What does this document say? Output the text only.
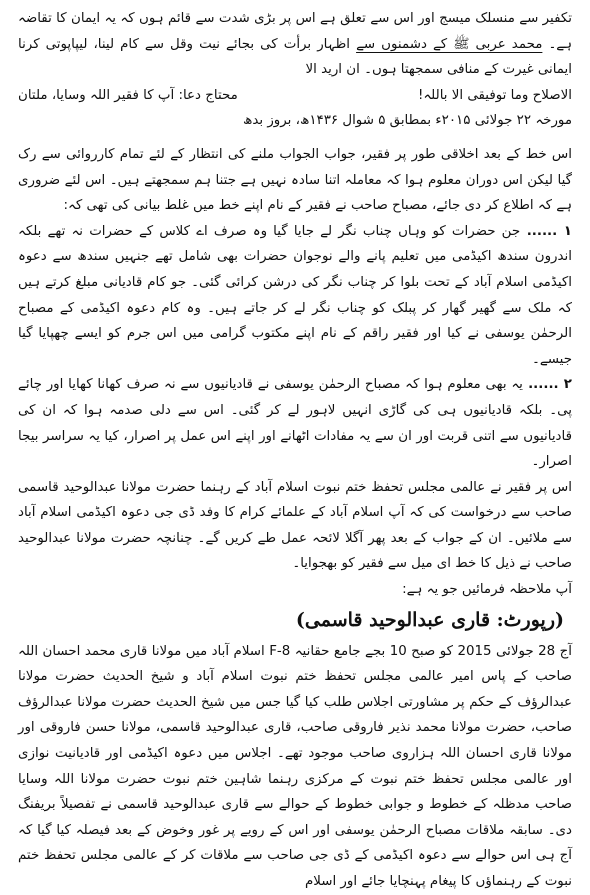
تکفیر سے منسلک میسج اور اس سے تعلق ہے اس پر بڑی شدت سے قائم ہوں کہ یہ ایمان کا تقاضہ ہے۔ محمد عربی ﷺ کے دشمنوں سے اظہار برأت کی بجائے نیت وقل سے کام لینا، لیپاپوتی کرنا ایمانی غیرت کے منافی سمجھتا ہوں۔ ان ارید الا

الاصلاح وما توفیقی الا باللہ!
محتاج دعا: آپ کا فقیر اللہ وسایا، ملتان

مورخہ ۲۲ جولائی ۲۰۱۵ء بمطابق ۵ شوال ۱۴۳۶ھ، بروز بدھ

اس خط کے بعد اخلاقی طور پر فقیر، جواب الجواب ملنے کی انتظار کے لئے تمام کارروائی سے رک گیا لیکن اس دوران معلوم ہوا کہ معاملہ اتنا سادہ نہیں ہے جتنا ہم سمجھتے ہیں۔ اس لئے ضروری ہے کہ اطلاع کر دی جائے، مصباح صاحب نے فقیر کے نام اپنے خط میں غلط بیانی کی تھی کہ:

۱ ...... جن حضرات کو وہاں چناب نگر لے جایا گیا وہ صرف اے کلاس کے حضرات نہ تھے بلکہ اندرون سندھ اکیڈمی میں تعلیم پانے والے نوجوان حضرات بھی شامل تھے جنہیں سندھ سے دعوہ اکیڈمی اسلام آباد کے تحت بلوا کر چناب نگر کی درشن کرائی گئی۔ جو کام قادیانی مبلغ کرتے ہیں کہ ملک سے گھیر گھار کر پبلک کو چناب نگر لے کر جاتے ہیں۔ وہ کام دعوہ اکیڈمی کے مصباح الرحمٰن یوسفی نے کیا اور فقیر راقم کے نام اپنے مکتوب گرامی میں اس جرم کو ایسے چھپایا گیا جیسے۔

۲ ...... یہ بھی معلوم ہوا کہ مصباح الرحمٰن یوسفی نے قادیانیوں سے نہ صرف کھانا کھایا اور چائے پی۔ بلکہ قادیانیوں ہی کی گاڑی انہیں لاہور لے کر گئی۔ اس سے دلی صدمہ ہوا کہ ان کی قادیانیوں سے اتنی قربت اور ان سے یہ مفادات اٹھانے اور اپنے اس عمل پر اصرار، کیا یہ سراسر بیجا اصرار۔

اس پر فقیر نے عالمی مجلس تحفظ ختم نبوت اسلام آباد کے رہنما حضرت مولانا عبدالوحید قاسمی صاحب سے درخواست کی کہ آپ اسلام آباد کے علمائے کرام کا وفد ڈی جی دعوہ اکیڈمی اسلام آباد سے ملائیں۔ ان کے جواب کے بعد پھر آگلا لائحہ عمل طے کریں گے۔ چنانچہ حضرت مولانا عبدالوحید صاحب نے ذیل کا خط ای میل سے فقیر کو بھجوایا۔

آپ ملاحظہ فرمائیں جو یہ ہے:

(رپورٹ: قاری عبدالوحید قاسمی)

آج 28 جولائی 2015 کو صبح 10 بجے جامع حقانیہ F-8 اسلام آباد میں مولانا قاری محمد احسان اللہ صاحب کے پاس امیر عالمی مجلس تحفظ ختم نبوت اسلام آباد و شیخ الحدیث حضرت مولانا عبدالرؤف کے حکم پر مشاورتی اجلاس طلب کیا گیا جس میں شیخ الحدیث حضرت مولانا عبدالرؤف صاحب، حضرت مولانا محمد نذیر فاروقی صاحب، قاری عبدالوحید قاسمی، مولانا حسن فاروقی اور مولانا قاری احسان اللہ ہزاروی صاحب موجود تھے۔ اجلاس میں دعوہ اکیڈمی اور قادیانیت نوازی اور عالمی مجلس تحفظ ختم نبوت کے مرکزی رہنما شاہین ختم نبوت حضرت مولانا اللہ وسایا صاحب مدظلہ کے خطوط و جوابی خطوط کے حوالے سے قاری عبدالوحید قاسمی نے تفصیلاً بریفنگ دی۔ سابقہ ملاقات مصباح الرحمٰن یوسفی اور اس کے رویے پر غور وخوض کے بعد فیصلہ کیا گیا کہ آج ہی اس حوالے سے دعوہ اکیڈمی کے ڈی جی صاحب سے ملاقات کر کے عالمی مجلس تحفظ ختم نبوت کے رہنماؤں کا پیغام پہنچایا جائے اور اسلام
